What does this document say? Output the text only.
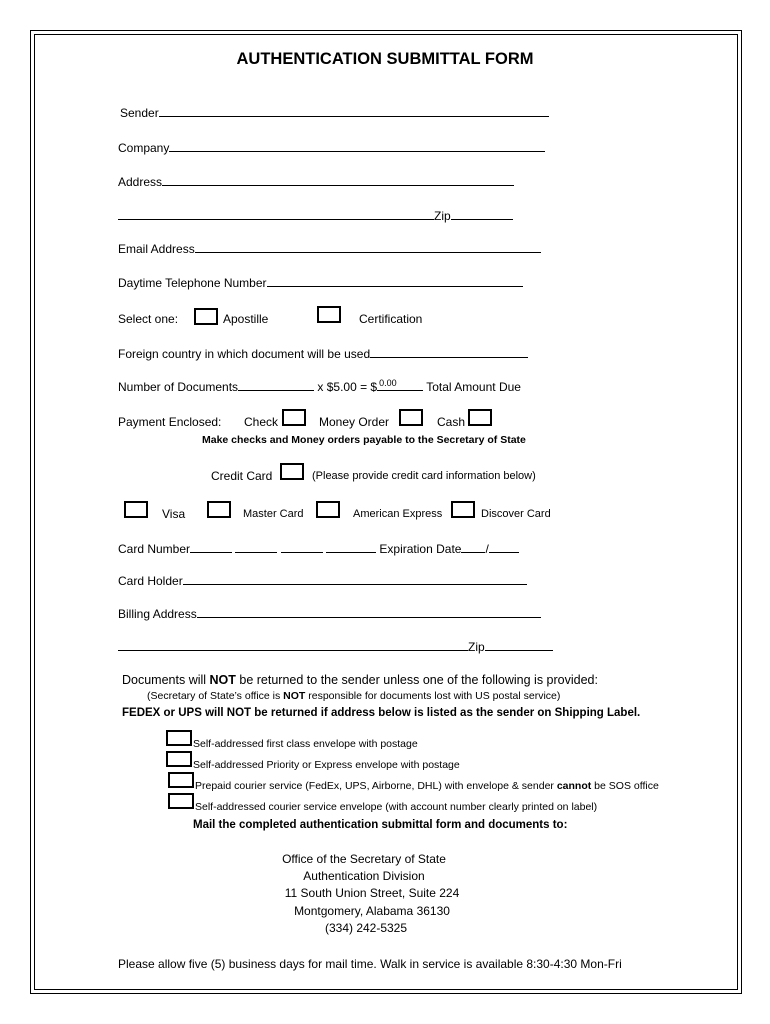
AUTHENTICATION SUBMITTAL FORM
Sender
Company
Address
Zip
Email Address
Daytime Telephone Number
Select one:	Apostille	Certification
Foreign country in which document will be used
Number of Documents	x $5.00 = $ 0.00 Total Amount Due
Payment Enclosed: Check	Money Order	Cash
Make checks and Money orders payable to the Secretary of State
Credit Card	(Please provide credit card information below)
Visa	Master Card	American Express	Discover Card
Card Number	Expiration Date /
Card Holder
Billing Address
Zip
Documents will NOT be returned to the sender unless one of the following is provided:
(Secretary of State’s office is NOT responsible for documents lost with US postal service)
FEDEX or UPS will NOT be returned if address below is listed as the sender on Shipping Label.
Self-addressed first class envelope with postage
Self-addressed Priority or Express envelope with postage
Prepaid courier service (FedEx, UPS, Airborne, DHL) with envelope & sender cannot be SOS office
Self-addressed courier service envelope (with account number clearly printed on label)
Mail the completed authentication submittal form and documents to:
Office of the Secretary of State
Authentication Division
11 South Union Street, Suite 224
Montgomery, Alabama 36130
(334) 242-5325
Please allow five (5) business days for mail time. Walk in service is available 8:30-4:30 Mon-Fri
